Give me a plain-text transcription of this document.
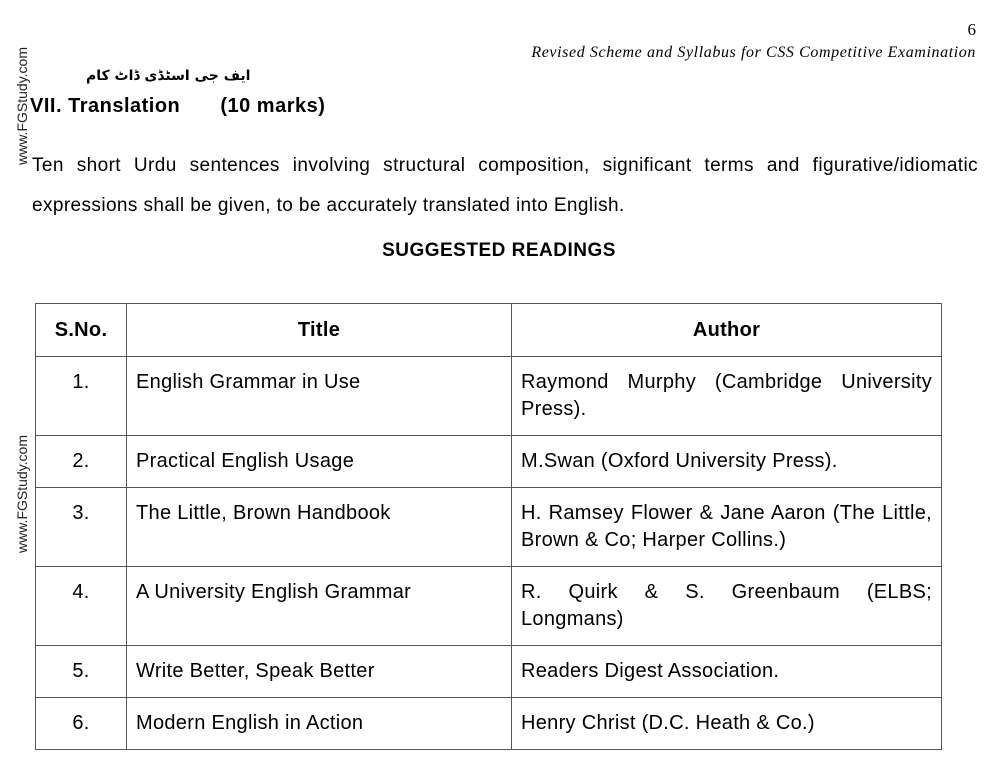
6
Revised Scheme and Syllabus for CSS Competitive Examination
www.FGStudy.com
www.FGStudy.com
ایف جی اسٹڈی ڈاٹ کام
VII. Translation (10 marks)
Ten short Urdu sentences involving structural composition, significant terms and figurative/idiomatic expressions shall be given, to be accurately translated into English.
SUGGESTED READINGS
S.No.	Title	Author
1.	English Grammar in Use	Raymond Murphy (Cambridge University Press).
2.	Practical English Usage	M.Swan (Oxford University Press).
3.	The Little, Brown Handbook	H. Ramsey Flower & Jane Aaron (The Little, Brown & Co; Harper Collins.)
4.	A University English Grammar	R. Quirk & S. Greenbaum (ELBS; Longmans)
5.	Write Better, Speak Better	Readers Digest Association.
6.	Modern English in Action	Henry Christ (D.C. Heath & Co.)
